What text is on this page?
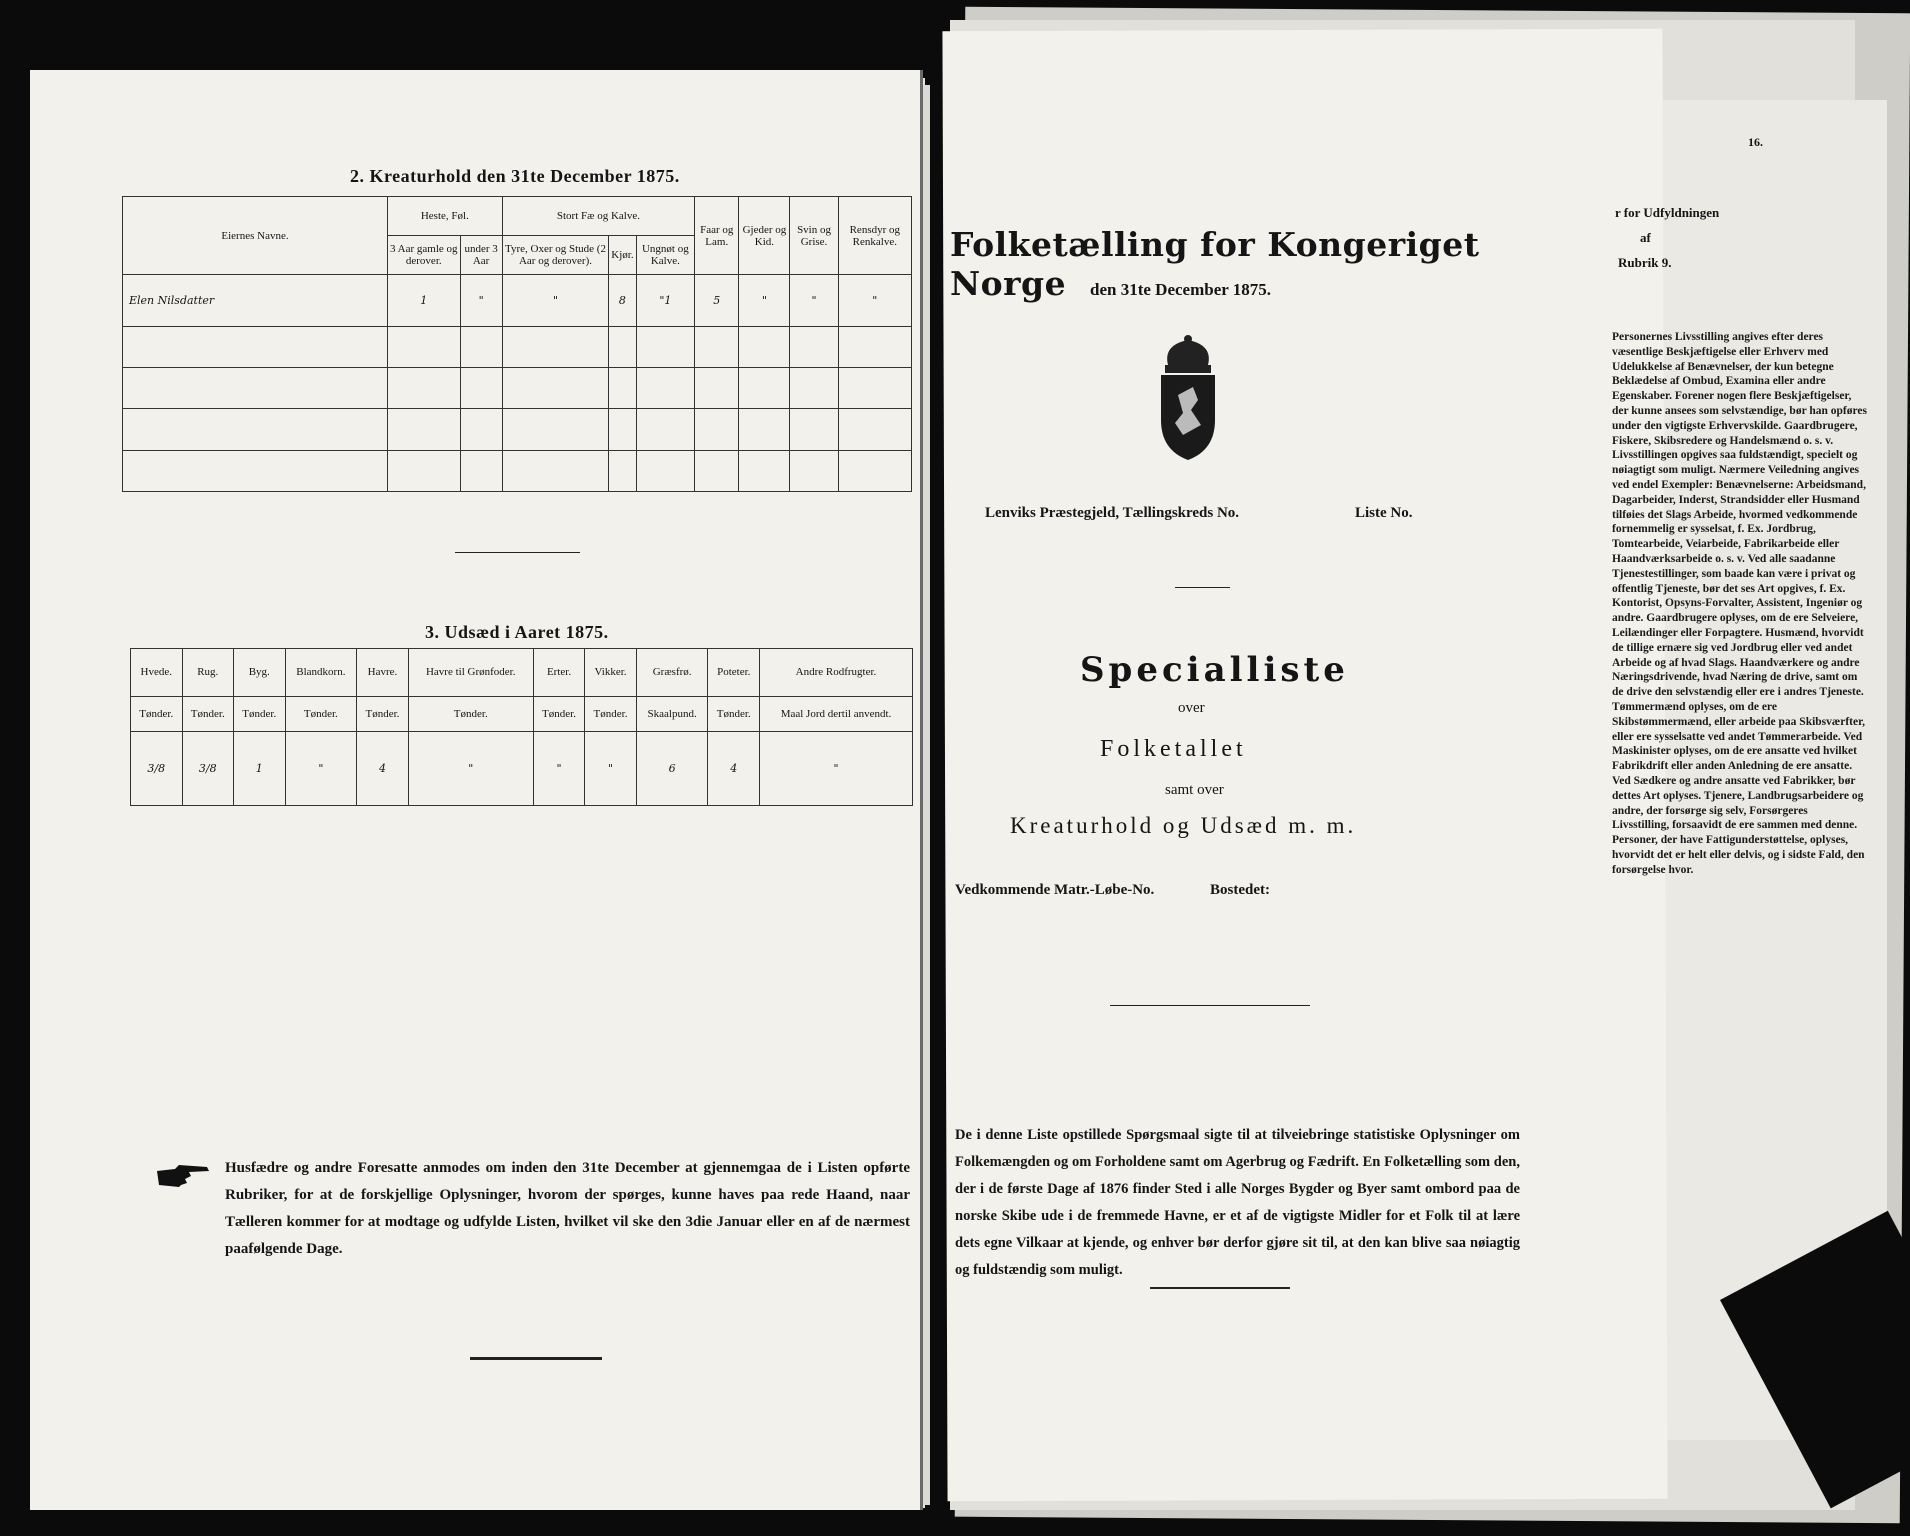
2. Kreaturhold den 31te December 1875.
Eiernes Navne.	Heste, Føl.		Stort Fæ og Kalve.			Faar og Lam.	Gjeder og Kid.	Svin og Grise.	Rensdyr og Renkalve.
	3 Aar gamle og derover.	under 3 Aar	Tyre, Oxer og Stude (2 Aar og derover).	Kjør.	Ungnøt og Kalve.				
Elen Nilsdatter	1	"	"	8	"1	5	"	"	"

3. Udsæd i Aaret 1875.
Hvede.	Rug.	Byg.	Blandkorn.	Havre.	Havre til Grønfoder.	Erter.	Vikker.	Græsfrø.	Poteter.	Andre Rodfrugter.
Tønder.	Tønder.	Tønder.	Tønder.	Tønder.	Tønder.	Tønder.	Tønder.	Skaalpund.	Tønder.	Maal Jord dertil anvendt.
3/8	3/8	1	"	4	"	"	"	6	4	"
Husfædre og andre Foresatte anmodes om inden den 31te December at gjennemgaa de i Listen opførte Rubriker, for at de forskjellige Oplysninger, hvorom der spørges, kunne haves paa rede Haand, naar Tælleren kommer for at modtage og udfylde Listen, hvilket vil ske den 3die Januar eller en af de nærmest paafølgende Dage.
Folketælling for Kongeriget Norge	den 31te December 1875.
Lenviks Præstegjeld, Tællingskreds No.	Liste No.
Specialliste
over
Folketallet
samt over
Kreaturhold og Udsæd m. m.
Vedkommende Matr.-Løbe-No.	Bostedet:
De i denne Liste opstillede Spørgsmaal sigte til at tilveiebringe statistiske Oplysninger om Folkemængden og om Forholdene samt om Agerbrug og Fædrift. En Folketælling som den, der i de første Dage af 1876 finder Sted i alle Norges Bygder og Byer samt ombord paa de norske Skibe ude i de fremmede Havne, er et af de vigtigste Midler for et Folk til at lære dets egne Vilkaar at kjende, og enhver bør derfor gjøre sit til, at den kan blive saa nøiagtig og fuldstændig som muligt.
16.
r for Udfyldningen
af
Rubrik 9.
Personernes Livsstilling angives efter deres væsentlige Beskjæftigelse eller Erhverv med Udelukkelse af Benævnelser, der kun betegne Beklædelse af Ombud, Examina eller andre Egenskaber. Forener nogen flere Beskjæftigelser, der kunne ansees som selvstændige, bør han opføres under den vigtigste Erhvervskilde. Gaardbrugere, Fiskere, Skibsredere og Handelsmænd o. s. v. Livsstillingen opgives saa fuldstændigt, specielt og nøiagtigt som muligt. Nærmere Veiledning angives ved endel Exempler: Benævnelserne: Arbeidsmand, Dagarbeider, Inderst, Strandsidder eller Husmand tilføies det Slags Arbeide, hvormed vedkommende fornemmelig er sysselsat, f. Ex. Jordbrug, Tomtearbeide, Veiarbeide, Fabrikarbeide eller Haandværksarbeide o. s. v. Ved alle saadanne Tjenestestillinger, som baade kan være i privat og offentlig Tjeneste, bør det ses Art opgives, f. Ex. Kontorist, Opsyns-Forvalter, Assistent, Ingeniør og andre. Gaardbrugere oplyses, om de ere Selveiere, Leilændinger eller Forpagtere. Husmænd, hvorvidt de tillige ernære sig ved Jordbrug eller ved andet Arbeide og af hvad Slags. Haandværkere og andre Næringsdrivende, hvad Næring de drive, samt om de drive den selvstændig eller ere i andres Tjeneste. Tømmermænd oplyses, om de ere Skibstømmermænd, eller arbeide paa Skibsværfter, eller ere sysselsatte ved andet Tømmerarbeide. Ved Maskinister oplyses, om de ere ansatte ved hvilket Fabrikdrift eller anden Anledning de ere ansatte. Ved Sædkere og andre ansatte ved Fabrikker, bør dettes Art oplyses. Tjenere, Landbrugsarbeidere og andre, der forsørge sig selv, Forsørgeres Livsstilling, forsaavidt de ere sammen med denne. Personer, der have Fattigunderstøttelse, oplyses, hvorvidt det er helt eller delvis, og i sidste Fald, den forsørgelse hvor.
